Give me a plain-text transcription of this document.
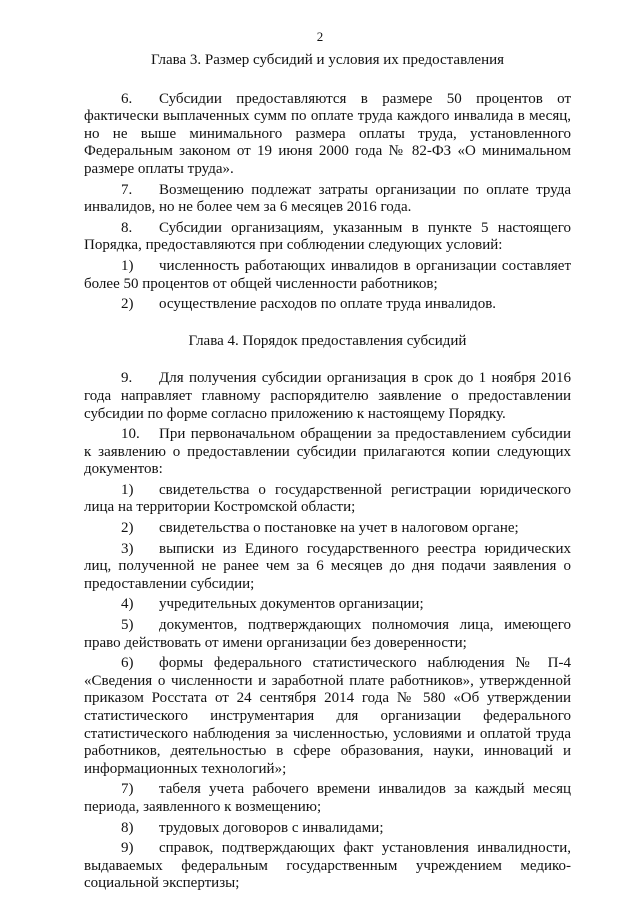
2
Глава 3. Размер субсидий и условия их предоставления

6. Субсидии предоставляются в размере 50 процентов от фактически выплаченных сумм по оплате труда каждого инвалида в месяц, но не выше минимального размера оплаты труда, установленного Федеральным законом от 19 июня 2000 года № 82-ФЗ «О минимальном размере оплаты труда».

7. Возмещению подлежат затраты организации по оплате труда инвалидов, но не более чем за 6 месяцев 2016 года.

8. Субсидии организациям, указанным в пункте 5 настоящего Порядка, предоставляются при соблюдении следующих условий:

1) численность работающих инвалидов в организации составляет более 50 процентов от общей численности работников;

2) осуществление расходов по оплате труда инвалидов.

Глава 4. Порядок предоставления субсидий

9. Для получения субсидии организация в срок до 1 ноября 2016 года направляет главному распорядителю заявление о предоставлении субсидии по форме согласно приложению к настоящему Порядку.

10. При первоначальном обращении за предоставлением субсидии к заявлению о предоставлении субсидии прилагаются копии следующих документов:

1) свидетельства о государственной регистрации юридического лица на территории Костромской области;

2) свидетельства о постановке на учет в налоговом органе;

3) выписки из Единого государственного реестра юридических лиц, полученной не ранее чем за 6 месяцев до дня подачи заявления о предоставлении субсидии;

4) учредительных документов организации;

5) документов, подтверждающих полномочия лица, имеющего право действовать от имени организации без доверенности;

6) формы федерального статистического наблюдения № П-4 «Сведения о численности и заработной плате работников», утвержденной приказом Росстата от 24 сентября 2014 года № 580 «Об утверждении статистического инструментария для организации федерального статистического наблюдения за численностью, условиями и оплатой труда работников, деятельностью в сфере образования, науки, инноваций и информационных технологий»;

7) табеля учета рабочего времени инвалидов за каждый месяц периода, заявленного к возмещению;

8) трудовых договоров с инвалидами;

9) справок, подтверждающих факт установления инвалидности, выдаваемых федеральным государственным учреждением медико-социальной экспертизы;
